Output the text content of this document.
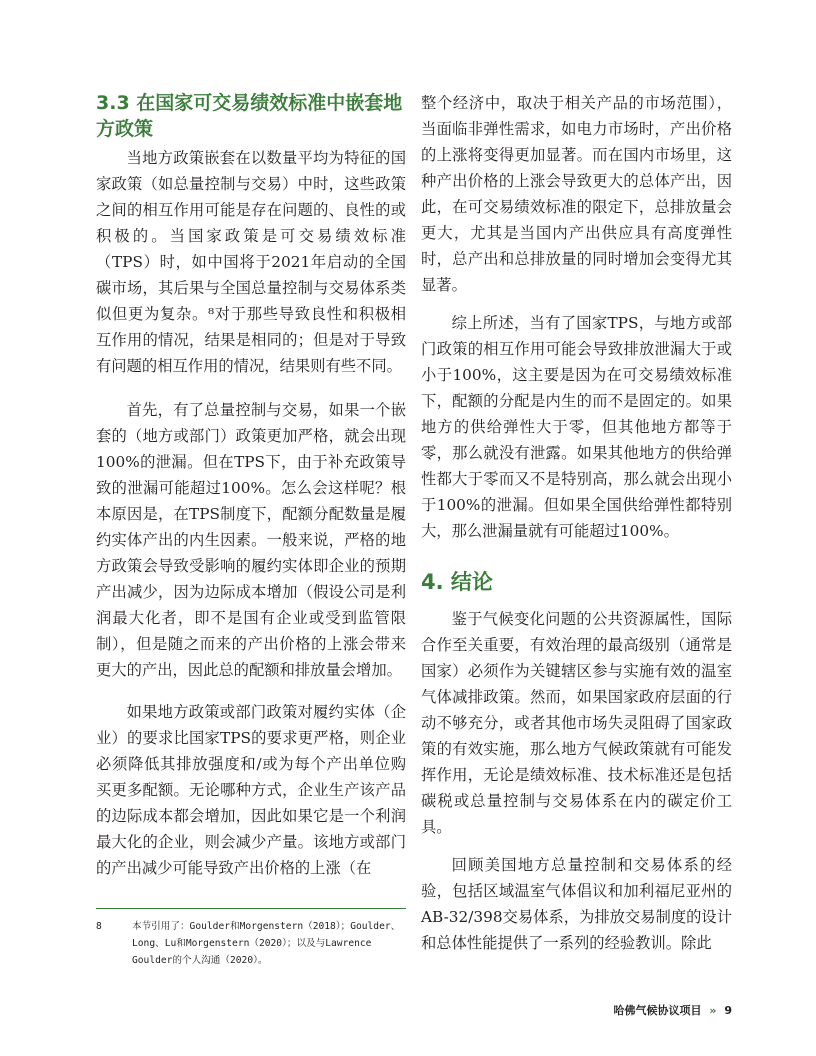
3.3 在国家可交易绩效标准中嵌套地方政策

当地方政策嵌套在以数量平均为特征的国家政策（如总量控制与交易）中时，这些政策之间的相互作用可能是存在问题的、良性的或积极的。当国家政策是可交易绩效标准（TPS）时，如中国将于2021年启动的全国碳市场，其后果与全国总量控制与交易体系类似但更为复杂。⁸对于那些导致良性和积极相互作用的情况，结果是相同的；但是对于导致有问题的相互作用的情况，结果则有些不同。

首先，有了总量控制与交易，如果一个嵌套的（地方或部门）政策更加严格，就会出现100%的泄漏。但在TPS下，由于补充政策导致的泄漏可能超过100%。怎么会这样呢？根本原因是，在TPS制度下，配额分配数量是履约实体产出的内生因素。一般来说，严格的地方政策会导致受影响的履约实体即企业的预期产出减少，因为边际成本增加（假设公司是利润最大化者，即不是国有企业或受到监管限制），但是随之而来的产出价格的上涨会带来更大的产出，因此总的配额和排放量会增加。

如果地方政策或部门政策对履约实体（企业）的要求比国家TPS的要求更严格，则企业必须降低其排放强度和/或为每个产出单位购买更多配额。无论哪种方式，企业生产该产品的边际成本都会增加，因此如果它是一个利润最大化的企业，则会减少产量。该地方或部门的产出减少可能导致产出价格的上涨（在

整个经济中，取决于相关产品的市场范围），当面临非弹性需求，如电力市场时，产出价格的上涨将变得更加显著。而在国内市场里，这种产出价格的上涨会导致更大的总体产出，因此，在可交易绩效标准的限定下，总排放量会更大，尤其是当国内产出供应具有高度弹性时，总产出和总排放量的同时增加会变得尤其显著。

综上所述，当有了国家TPS，与地方或部门政策的相互作用可能会导致排放泄漏大于或小于100%，这主要是因为在可交易绩效标准下，配额的分配是内生的而不是固定的。如果地方的供给弹性大于零，但其他地方都等于零，那么就没有泄露。如果其他地方的供给弹性都大于零而又不是特别高，那么就会出现小于100%的泄漏。但如果全国供给弹性都特别大，那么泄漏量就有可能超过100%。

4. 结论

鉴于气候变化问题的公共资源属性，国际合作至关重要，有效治理的最高级别（通常是国家）必须作为关键辖区参与实施有效的温室气体减排政策。然而，如果国家政府层面的行动不够充分，或者其他市场失灵阻碍了国家政策的有效实施，那么地方气候政策就有可能发挥作用，无论是绩效标准、技术标准还是包括碳税或总量控制与交易体系在内的碳定价工具。

回顾美国地方总量控制和交易体系的经验，包括区域温室气体倡议和加利福尼亚州的AB-32/398交易体系，为排放交易制度的设计和总体性能提供了一系列的经验教训。除此

8	本节引用了：Goulder和Morgenstern（2018）；Goulder、Long、Lu和Morgenstern（2020）；以及与Lawrence Goulder的个人沟通（2020）。
哈佛气候协议项目 » 9
